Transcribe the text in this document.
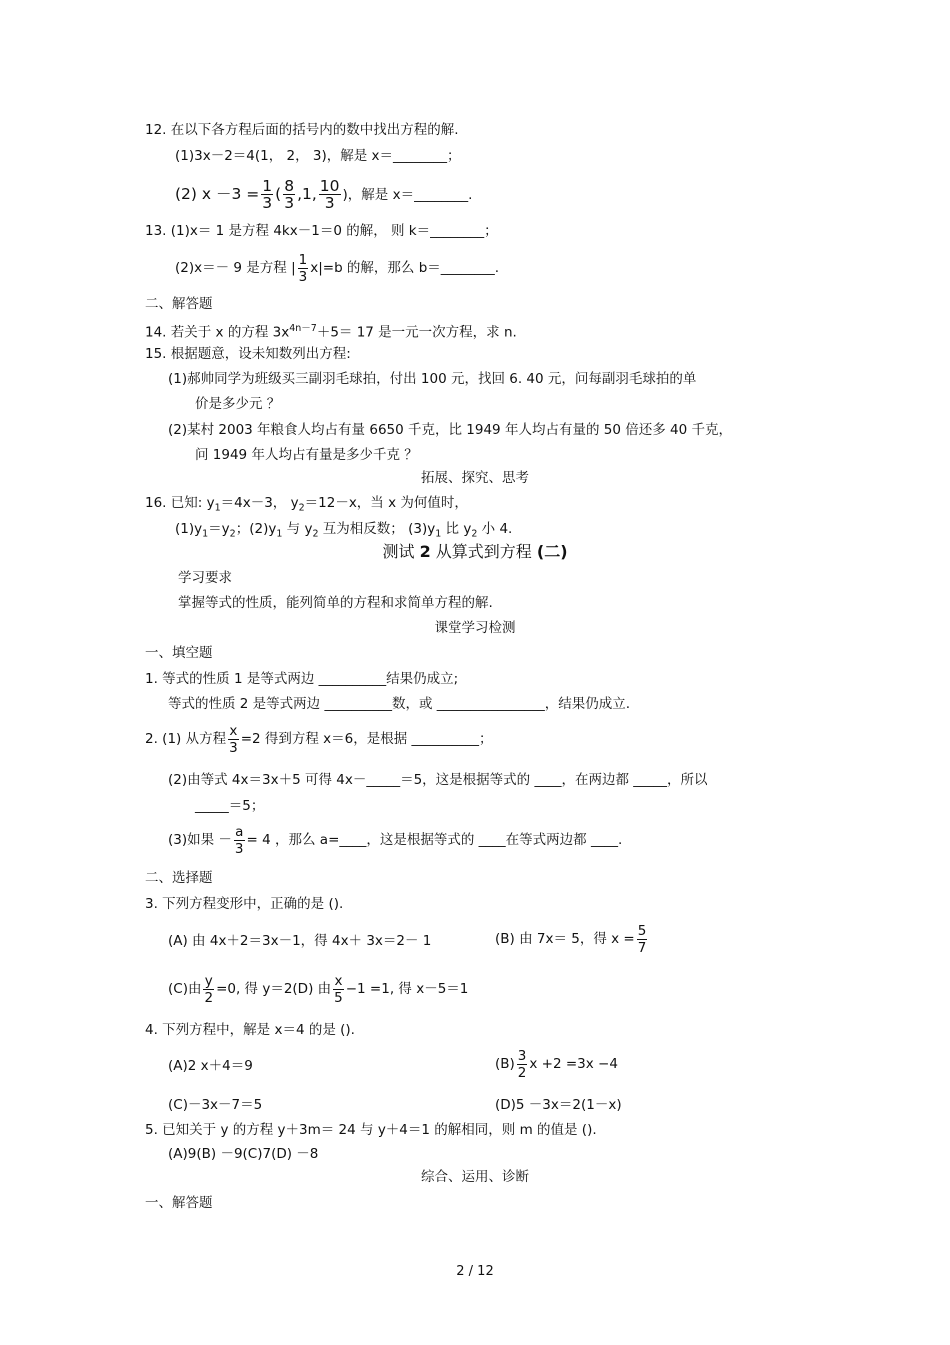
12. 在以下各方程后面的括号内的数中找出方程的解.
(1)3x－2＝4(1， 2， 3)，解是 x＝________；
(2) $x -3 = \frac{1}{3}$ ( $\frac{8}{3} ,1$, $\frac{10}{3}$ )，解是 x＝________.
13. (1)x＝ 1 是方程 4kx－1＝0 的解， 则 k＝________；
(2)x＝－ 9 是方程 | $\frac{1}{3} x|=b$ 的解，那么 b＝________.
二、解答题
14. 若关于 x 的方程 $3x^{4n-7}+5= 17$ 是一元一次方程，求 n.
15. 根据题意，设未知数列出方程:
(1)郝帅同学为班级买三副羽毛球拍，付出 100 元，找回 6. 40 元，问每副羽毛球拍的单
价是多少元 ？
(2)某村 2003 年粮食人均占有量 6650 千克，比 1949 年人均占有量的 50 倍还多 40 千克，
问 1949 年人均占有量是多少千克 ？
拓展、探究、思考
16. 已知: $y_1=4x-3$， $y_2=12-x$，当 x 为何值时，
$(1)y_1=y_2$；$(2)y_1$ 与 $y_2$ 互为相反数； $(3)y_1$ 比 $y_2$ 小 4.
测试 2 从算式到方程 (二)
学习要求
掌握等式的性质，能列简单的方程和求简单方程的解.
课堂学习检测
一、填空题
1. 等式的性质 1 是等式两边 __________结果仍成立;
等式的性质 2 是等式两边 __________数，或 ________________，结果仍成立.
2. (1) 从方程 $\frac{x}{3} =2$ 得到方程 x＝6，是根据 __________；
(2)由等式 4x＝3x＋5 可得 4x－_____＝5，这是根据等式的 ____，在两边都 _____，所以
_____＝5；
(3)如果 － $\frac{a}{3} = 4$ ，那么 a=____，这是根据等式的 ____在等式两边都 ____.
二、选择题
3. 下列方程变形中，正确的是 ().
(A) 由 4x＋2＝3x－1，得 4x＋ 3x＝2－ 1	(B) 由 7x＝ 5，得 $x = \frac{5}{7}$
(C)由 $\frac{y}{2} =0$, 得 y＝2(D) 由 $\frac{x}{5} -1 =1$, 得 x－5＝1
4. 下列方程中，解是 x＝4 的是 ().
(A)2 x＋4＝9	$(B) \frac{3}{2}$ x +2 =3x −4
(C)－3x－7＝5	(D)5 －3x＝2(1－x)
5. 已知关于 y 的方程 y＋3m＝ 24 与 y＋4＝1 的解相同，则 m 的值是 ().
(A)9(B) －9(C)7(D) －8
综合、运用、诊断
一、解答题
2 / 12
